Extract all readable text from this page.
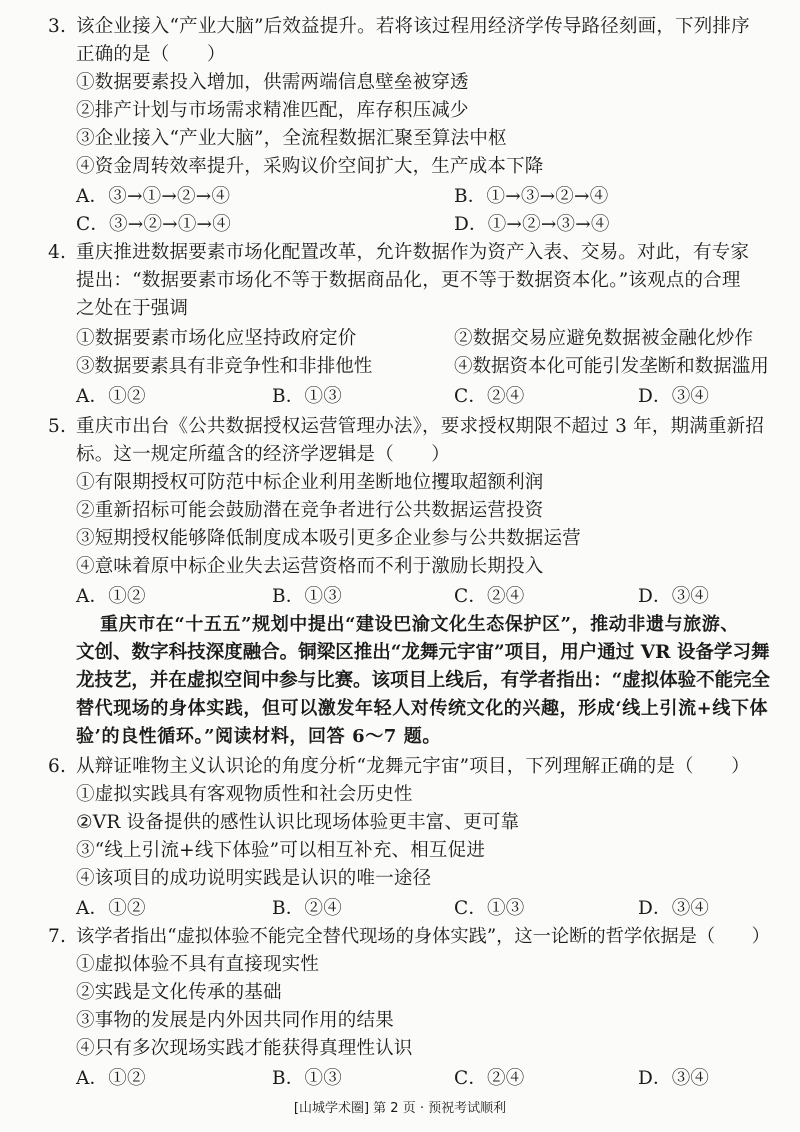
3. 该企业接入“产业大脑”后效益提升。若将该过程用经济学传导路径刻画，下列排序
正确的是（　　）
①数据要素投入增加，供需两端信息壁垒被穿透
②排产计划与市场需求精准匹配，库存积压减少
③企业接入“产业大脑”，全流程数据汇聚至算法中枢
④资金周转效率提升，采购议价空间扩大，生产成本下降
A．③→①→②→④	B．①→③→②→④
C．③→②→①→④	D．①→②→③→④
4. 重庆推进数据要素市场化配置改革，允许数据作为资产入表、交易。对此，有专家
提出：“数据要素市场化不等于数据商品化，更不等于数据资本化。”该观点的合理
之处在于强调
①数据要素市场化应坚持政府定价	②数据交易应避免数据被金融化炒作
③数据要素具有非竞争性和非排他性	④数据资本化可能引发垄断和数据滥用
A．①②	B．①③	C．②④	D．③④
5. 重庆市出台《公共数据授权运营管理办法》，要求授权期限不超过 3 年，期满重新招
标。这一规定所蕴含的经济学逻辑是（　　）
①有限期授权可防范中标企业利用垄断地位攫取超额利润
②重新招标可能会鼓励潜在竞争者进行公共数据运营投资
③短期授权能够降低制度成本吸引更多企业参与公共数据运营
④意味着原中标企业失去运营资格而不利于激励长期投入
A．①②	B．①③	C．②④	D．③④
重庆市在“十五五”规划中提出“建设巴渝文化生态保护区”，推动非遗与旅游、
文创、数字科技深度融合。铜梁区推出“龙舞元宇宙”项目，用户通过 VR 设备学习舞
龙技艺，并在虚拟空间中参与比赛。该项目上线后，有学者指出：“虚拟体验不能完全
替代现场的身体实践，但可以激发年轻人对传统文化的兴趣，形成‘线上引流+线下体
验’的良性循环。”阅读材料，回答 6～7 题。
6. 从辩证唯物主义认识论的角度分析“龙舞元宇宙”项目，下列理解正确的是（　　）
①虚拟实践具有客观物质性和社会历史性
②VR 设备提供的感性认识比现场体验更丰富、更可靠
③“线上引流+线下体验”可以相互补充、相互促进
④该项目的成功说明实践是认识的唯一途径
A．①②	B．②④	C．①③	D．③④
7. 该学者指出“虚拟体验不能完全替代现场的身体实践”，这一论断的哲学依据是（　　）
①虚拟体验不具有直接现实性
②实践是文化传承的基础
③事物的发展是内外因共同作用的结果
④只有多次现场实践才能获得真理性认识
A．①②	B．①③	C．②④	D．③④
[山城学术圈] 第 2 页 · 预祝考试顺利
